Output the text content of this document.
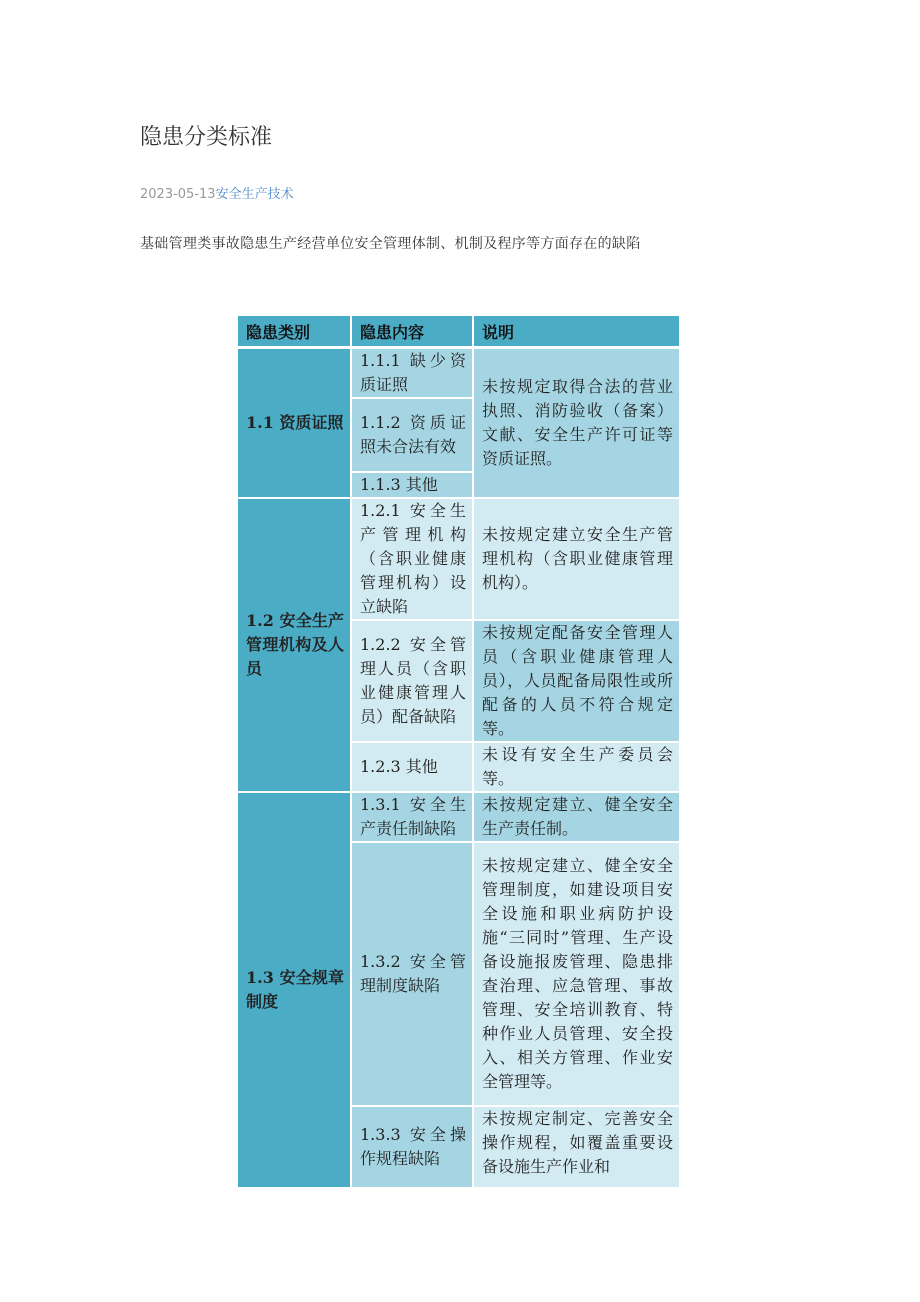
隐患分类标准
2023-05-13安全生产技术

基础管理类事故隐患生产经营单位安全管理体制、机制及程序等方面存在的缺陷

隐患类别	隐患内容	说明
1.1 资质证照	1.1.1 缺少资质证照	未按规定取得合法的营业执照、消防验收（备案）文献、安全生产许可证等资质证照。
	1.1.2 资质证照未合法有效	
	1.1.3 其他	
1.2 安全生产管理机构及人员	1.2.1 安全生产管理机构（含职业健康管理机构）设立缺陷	未按规定建立安全生产管理机构（含职业健康管理机构）。
	1.2.2 安全管理人员（含职业健康管理人员）配备缺陷	未按规定配备安全管理人员（含职业健康管理人员），人员配备局限性或所配备的人员不符合规定等。
	1.2.3 其他	未设有安全生产委员会等。
1.3 安全规章制度	1.3.1 安全生产责任制缺陷	未按规定建立、健全安全生产责任制。
	1.3.2 安全管理制度缺陷	未按规定建立、健全安全管理制度，如建设项目安全设施和职业病防护设施“三同时”管理、生产设备设施报废管理、隐患排查治理、应急管理、事故管理、安全培训教育、特种作业人员管理、安全投入、相关方管理、作业安全管理等。
	1.3.3 安全操作规程缺陷	未按规定制定、完善安全操作规程，如覆盖重要设备设施生产作业和
